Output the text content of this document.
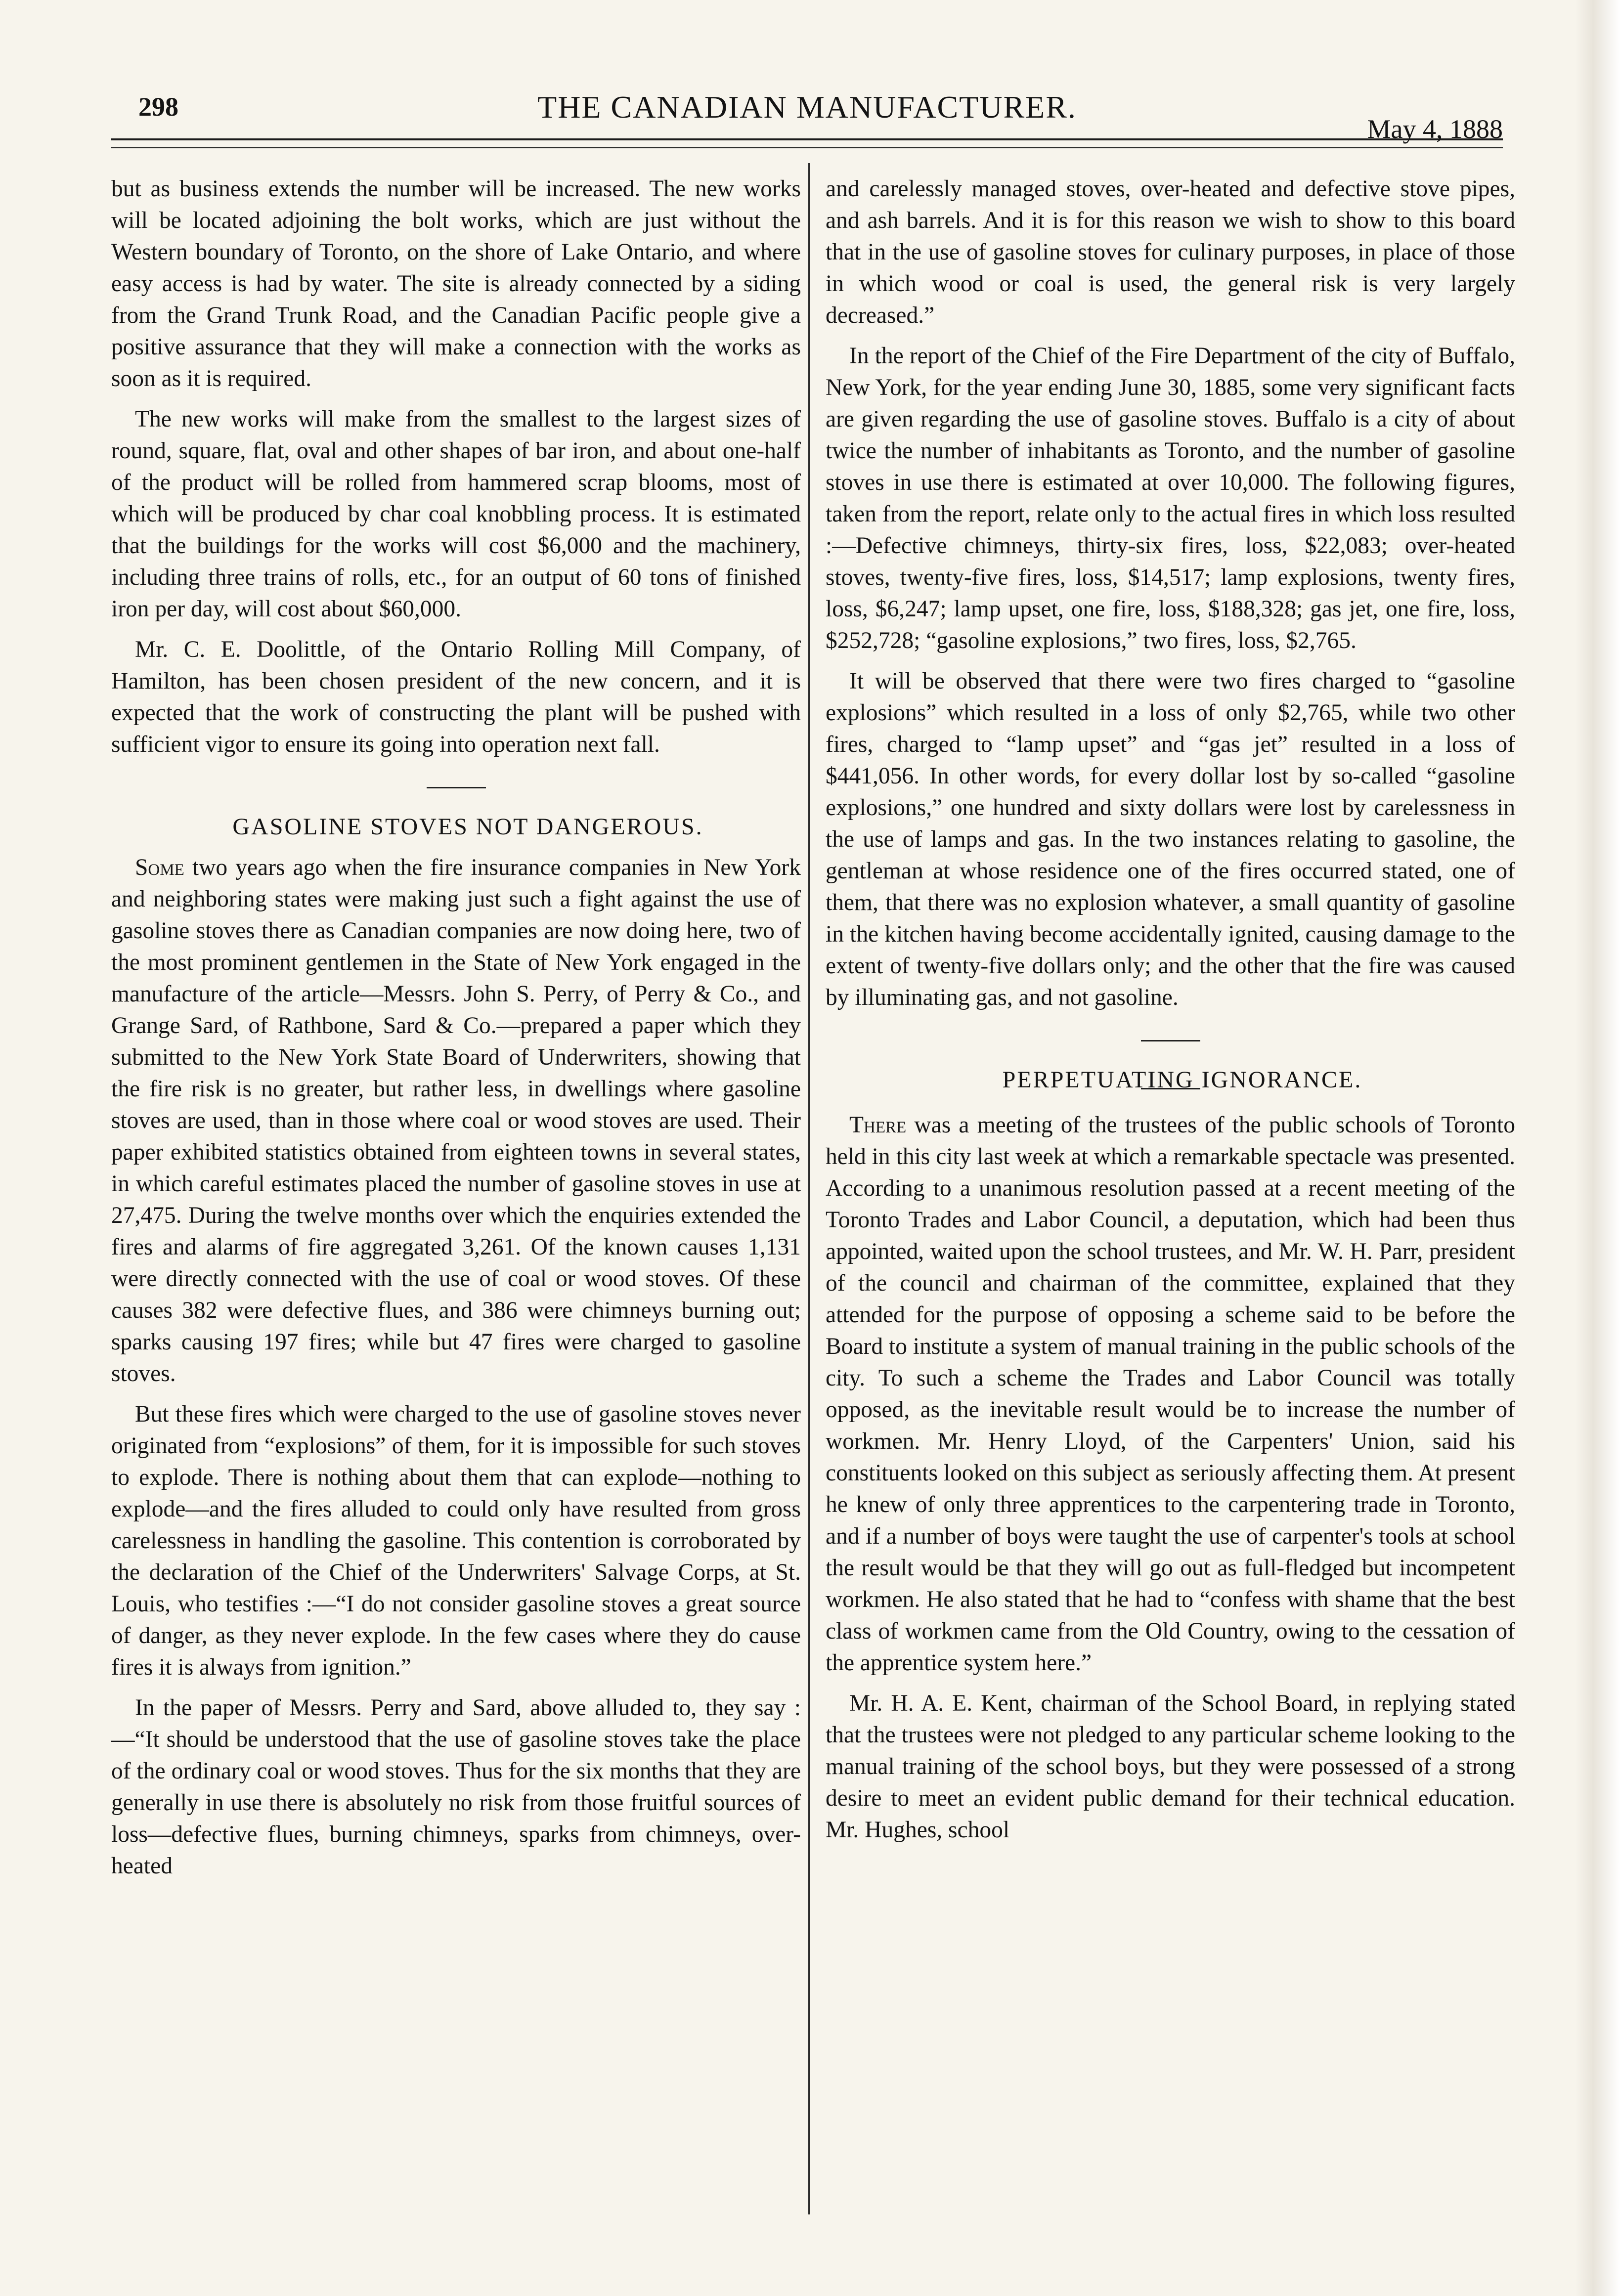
298	THE CANADIAN MANUFACTURER.
May 4, 1888

but as business extends the number will be increased. The new works will be located adjoining the bolt works, which are just without the Western boundary of Toronto, on the shore of Lake Ontario, and where easy access is had by water. The site is already connected by a siding from the Grand Trunk Road, and the Canadian Pacific people give a positive assurance that they will make a connection with the works as soon as it is required.

The new works will make from the smallest to the largest sizes of round, square, flat, oval and other shapes of bar iron, and about one-half of the product will be rolled from hammered scrap blooms, most of which will be produced by char coal knobbling process. It is estimated that the buildings for the works will cost $6,000 and the machinery, including three trains of rolls, etc., for an output of 60 tons of finished iron per day, will cost about $60,000.

Mr. C. E. Doolittle, of the Ontario Rolling Mill Company, of Hamilton, has been chosen president of the new concern, and it is expected that the work of constructing the plant will be pushed with sufficient vigor to ensure its going into operation next fall.

GASOLINE STOVES NOT DANGEROUS.

Some two years ago when the fire insurance companies in New York and neighboring states were making just such a fight against the use of gasoline stoves there as Canadian companies are now doing here, two of the most prominent gentlemen in the State of New York engaged in the manufacture of the article—Messrs. John S. Perry, of Perry & Co., and Grange Sard, of Rathbone, Sard & Co.—prepared a paper which they submitted to the New York State Board of Underwriters, showing that the fire risk is no greater, but rather less, in dwellings where gasoline stoves are used, than in those where coal or wood stoves are used. Their paper exhibited statistics obtained from eighteen towns in several states, in which careful estimates placed the number of gasoline stoves in use at 27,475. During the twelve months over which the enquiries extended the fires and alarms of fire aggregated 3,261. Of the known causes 1,131 were directly connected with the use of coal or wood stoves. Of these causes 382 were defective flues, and 386 were chimneys burning out; sparks causing 197 fires; while but 47 fires were charged to gasoline stoves.

But these fires which were charged to the use of gasoline stoves never originated from “explosions” of them, for it is impossible for such stoves to explode. There is nothing about them that can explode—nothing to explode—and the fires alluded to could only have resulted from gross carelessness in handling the gasoline. This contention is corroborated by the declaration of the Chief of the Underwriters' Salvage Corps, at St. Louis, who testifies :—“I do not consider gasoline stoves a great source of danger, as they never explode. In the few cases where they do cause fires it is always from ignition.”

In the paper of Messrs. Perry and Sard, above alluded to, they say :—“It should be understood that the use of gasoline stoves take the place of the ordinary coal or wood stoves. Thus for the six months that they are generally in use there is absolutely no risk from those fruitful sources of loss—defective flues, burning chimneys, sparks from chimneys, over-heated

and carelessly managed stoves, over-heated and defective stove pipes, and ash barrels. And it is for this reason we wish to show to this board that in the use of gasoline stoves for culinary purposes, in place of those in which wood or coal is used, the general risk is very largely decreased.”

In the report of the Chief of the Fire Department of the city of Buffalo, New York, for the year ending June 30, 1885, some very significant facts are given regarding the use of gasoline stoves. Buffalo is a city of about twice the number of inhabitants as Toronto, and the number of gasoline stoves in use there is estimated at over 10,000. The following figures, taken from the report, relate only to the actual fires in which loss resulted :—Defective chimneys, thirty-six fires, loss, $22,083; over-heated stoves, twenty-five fires, loss, $14,517; lamp explosions, twenty fires, loss, $6,247; lamp upset, one fire, loss, $188,328; gas jet, one fire, loss, $252,728; “gasoline explosions,” two fires, loss, $2,765.

It will be observed that there were two fires charged to “gasoline explosions” which resulted in a loss of only $2,765, while two other fires, charged to “lamp upset” and “gas jet” resulted in a loss of $441,056. In other words, for every dollar lost by so-called “gasoline explosions,” one hundred and sixty dollars were lost by carelessness in the use of lamps and gas. In the two instances relating to gasoline, the gentleman at whose residence one of the fires occurred stated, one of them, that there was no explosion whatever, a small quantity of gasoline in the kitchen having become accidentally ignited, causing damage to the extent of twenty-five dollars only; and the other that the fire was caused by illuminating gas, and not gasoline.

PERPETUATING IGNORANCE.

There was a meeting of the trustees of the public schools of Toronto held in this city last week at which a remarkable spectacle was presented. According to a unanimous resolution passed at a recent meeting of the Toronto Trades and Labor Council, a deputation, which had been thus appointed, waited upon the school trustees, and Mr. W. H. Parr, president of the council and chairman of the committee, explained that they attended for the purpose of opposing a scheme said to be before the Board to institute a system of manual training in the public schools of the city. To such a scheme the Trades and Labor Council was totally opposed, as the inevitable result would be to increase the number of workmen. Mr. Henry Lloyd, of the Carpenters' Union, said his constituents looked on this subject as seriously affecting them. At present he knew of only three apprentices to the carpentering trade in Toronto, and if a number of boys were taught the use of carpenter's tools at school the result would be that they will go out as full-fledged but incompetent workmen. He also stated that he had to “confess with shame that the best class of workmen came from the Old Country, owing to the cessation of the apprentice system here.”

Mr. H. A. E. Kent, chairman of the School Board, in replying stated that the trustees were not pledged to any particular scheme looking to the manual training of the school boys, but they were possessed of a strong desire to meet an evident public demand for their technical education. Mr. Hughes, school
